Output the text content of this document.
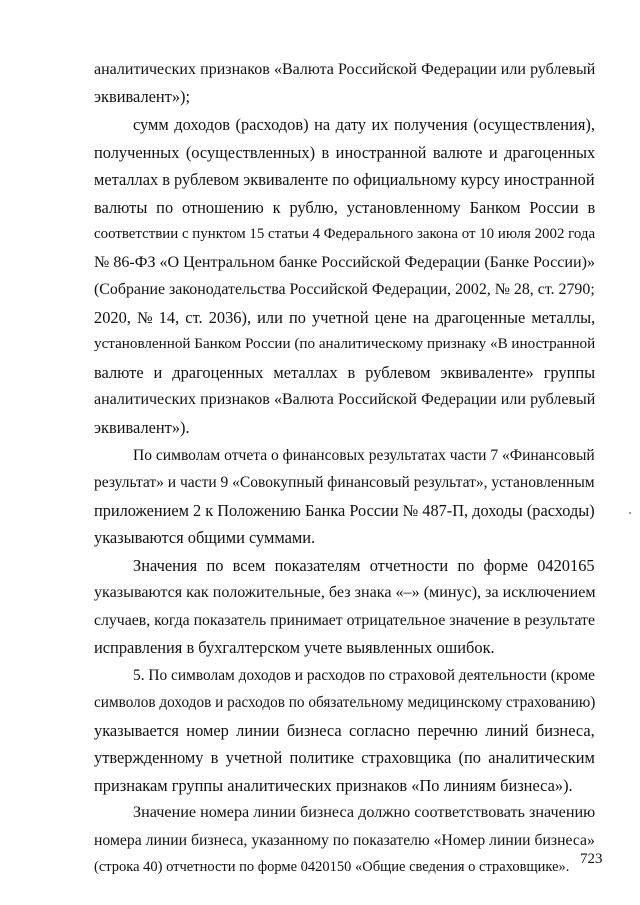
аналитических признаков «Валюта Российской Федерации или рублевый
эквивалент»);
сумм доходов (расходов) на дату их получения (осуществления),
полученных (осуществленных) в иностранной валюте и драгоценных
металлах в рублевом эквиваленте по официальному курсу иностранной
валюты по отношению к рублю, установленному Банком России в
соответствии с пунктом 15 статьи 4 Федерального закона от 10 июля 2002 года
№ 86-ФЗ «О Центральном банке Российской Федерации (Банке России)»
(Собрание законодательства Российской Федерации, 2002, № 28, ст. 2790;
2020, № 14, ст. 2036), или по учетной цене на драгоценные металлы,
установленной Банком России (по аналитическому признаку «В иностранной
валюте и драгоценных металлах в рублевом эквиваленте» группы
аналитических признаков «Валюта Российской Федерации или рублевый
эквивалент»).
По символам отчета о финансовых результатах части 7 «Финансовый
результат» и части 9 «Совокупный финансовый результат», установленным
приложением 2 к Положению Банка России № 487-П, доходы (расходы)
указываются общими суммами.
Значения по всем показателям отчетности по форме 0420165
указываются как положительные, без знака «–» (минус), за исключением
случаев, когда показатель принимает отрицательное значение в результате
исправления в бухгалтерском учете выявленных ошибок.
5. По символам доходов и расходов по страховой деятельности (кроме
символов доходов и расходов по обязательному медицинскому страхованию)
указывается номер линии бизнеса согласно перечню линий бизнеса,
утвержденному в учетной политике страховщика (по аналитическим
признакам группы аналитических признаков «По линиям бизнеса»).
Значение номера линии бизнеса должно соответствовать значению
номера линии бизнеса, указанному по показателю «Номер линии бизнеса»
(строка 40) отчетности по форме 0420150 «Общие сведения о страховщике». 723
